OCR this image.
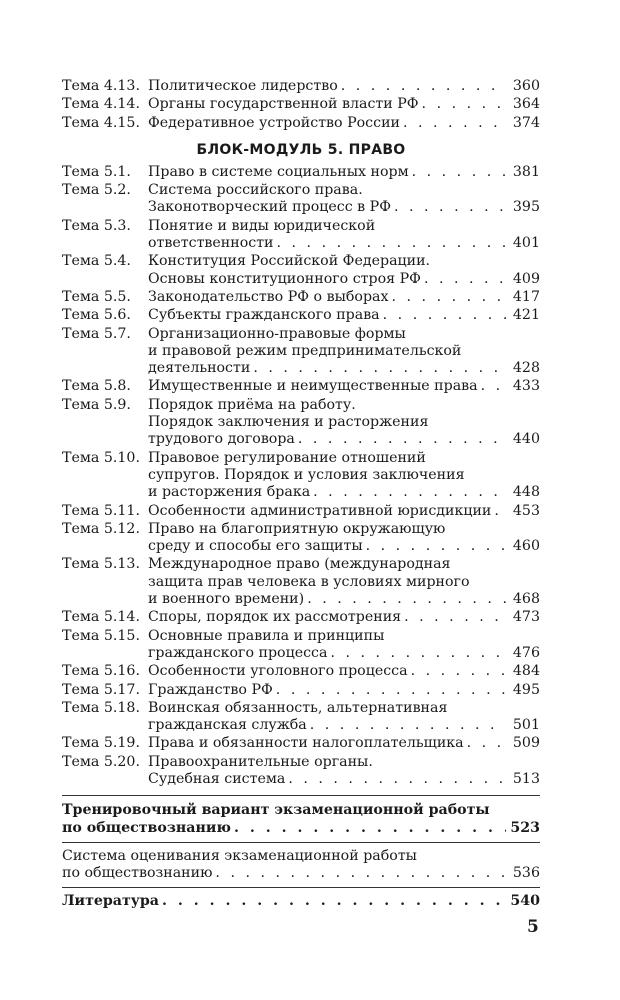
Тема 4.13. Политическое лидерство . . .	360
Тема 4.14. Органы государственной власти РФ . . .	364
Тема 4.15. Федеративное устройство России . . .	374
БЛОК-МОДУЛЬ 5. ПРАВО
Тема 5.1.	Право в системе социальных норм . . .	381
Тема 5.2.	Система российского права.
Законотворческий процесс в РФ . . .	395
Тема 5.3.	Понятие и виды юридической
ответственности . . .	401
Тема 5.4.	Конституция Российской Федерации.
Основы конституционного строя РФ . . .	409
Тема 5.5.	Законодательство РФ о выборах . . .	417
Тема 5.6.	Субъекты гражданского права . . .	421
Тема 5.7.	Организационно-правовые формы
и правовой режим предпринимательской
деятельности . . .	428
Тема 5.8.	Имущественные и неимущественные права . . . 433
Тема 5.9.	Порядок приёма на работу.
Порядок заключения и расторжения
трудового договора . . .	440
Тема 5.10. Правовое регулирование отношений
супругов. Порядок и условия заключения
и расторжения брака . . .	448
Тема 5.11. Особенности административной юрисдикции . . . 453
Тема 5.12. Право на благоприятную окружающую
среду и способы его защиты . . .	460
Тема 5.13. Международное право (международная
защита прав человека в условиях мирного
и военного времени) . . .	468
Тема 5.14. Споры, порядок их рассмотрения . . .	473
Тема 5.15. Основные правила и принципы
гражданского процесса . . .	476
Тема 5.16. Особенности уголовного процесса . . .	484
Тема 5.17. Гражданство РФ . . .	495
Тема 5.18. Воинская обязанность, альтернативная
гражданская служба . . .	501
Тема 5.19. Права и обязанности налогоплательщика . . .	509
Тема 5.20. Правоохранительные органы.
Судебная система . . .	513
Тренировочный вариант экзаменационной работы
по обществознанию . . .	523
Система оценивания экзаменационной работы
по обществознанию . . .	536
Литература . . .	540
5
